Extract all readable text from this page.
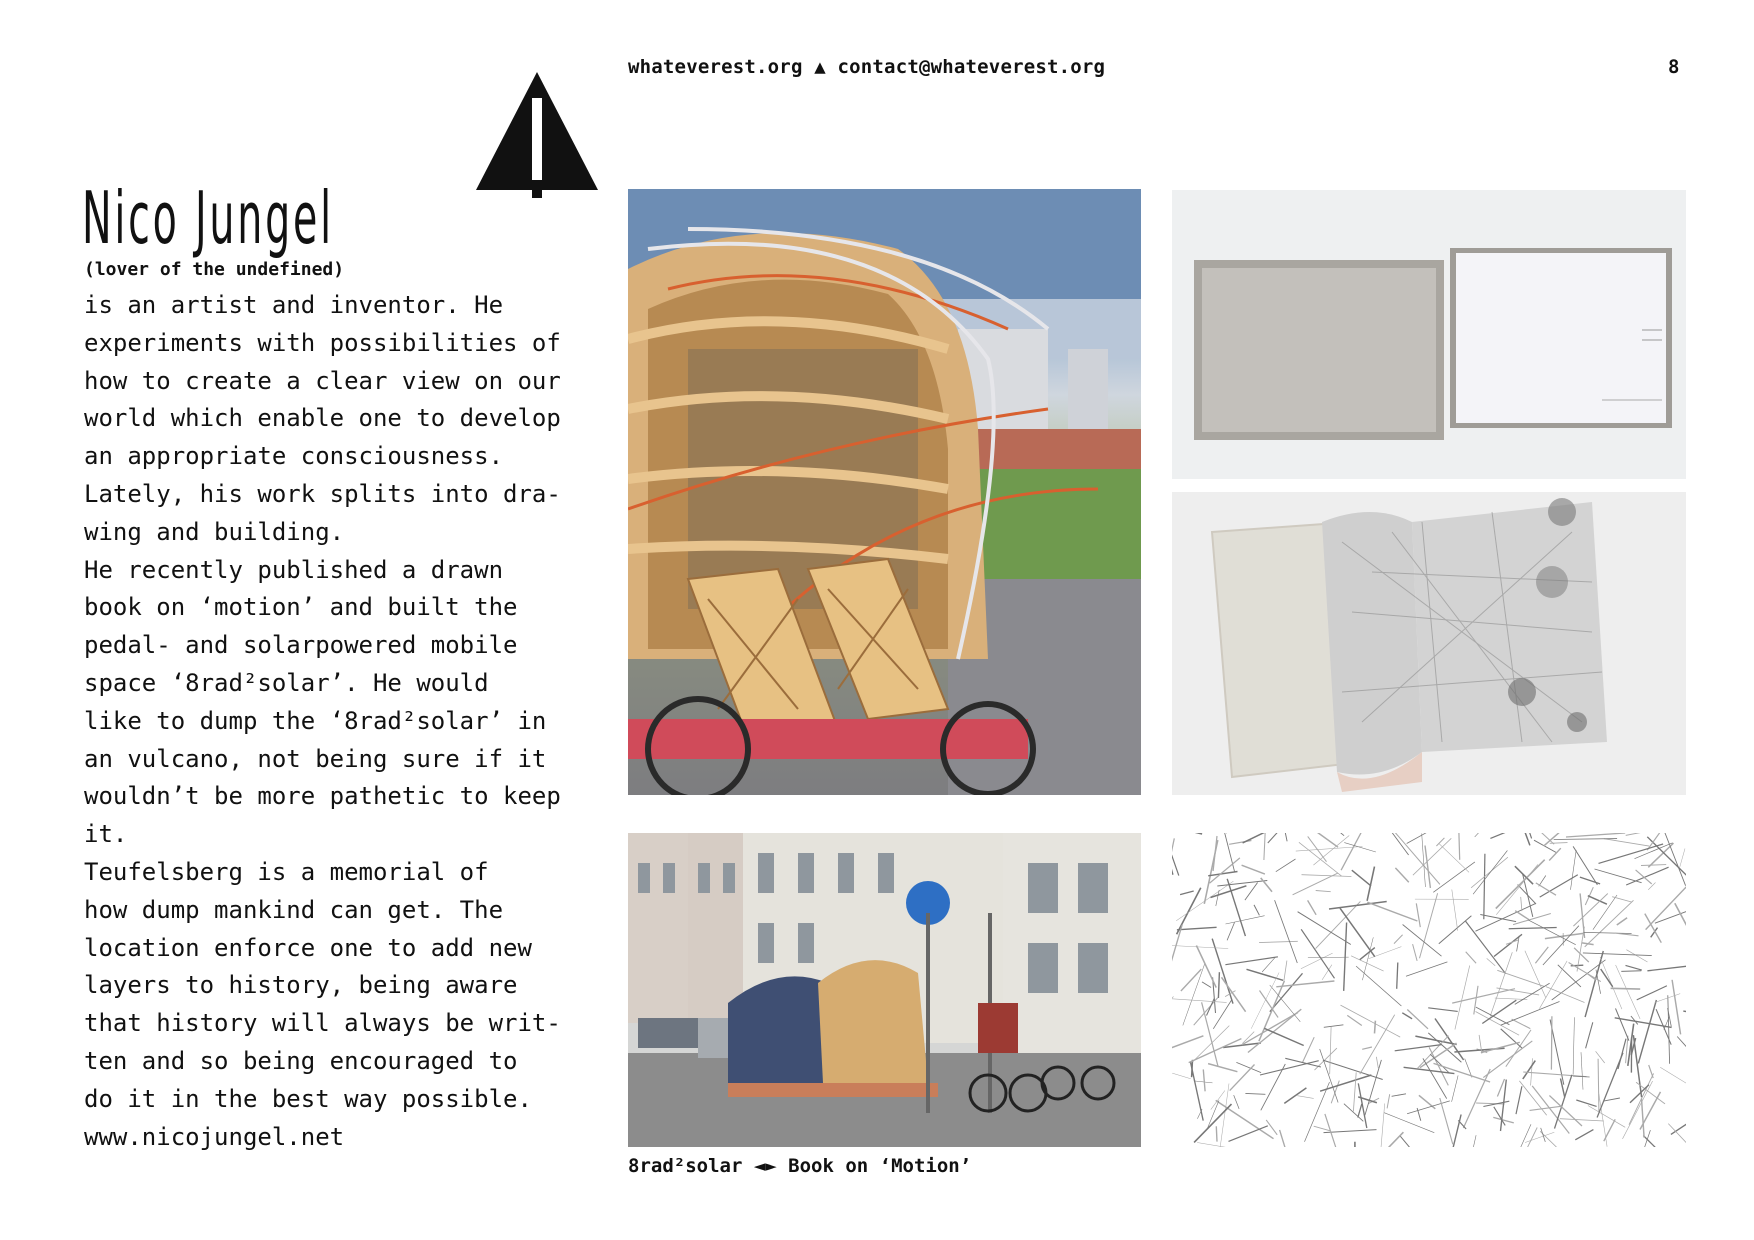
whateverest.org ▲ contact@whateverest.org	8
Nico Jungel
(lover of the undefined)
is an artist and inventor. He
experiments with possibilities of
how to create a clear view on our
world which enable one to develop
an appropriate consciousness.
Lately, his work splits into dra-
wing and building.
He recently published a drawn
book on ‘motion’ and built the
pedal- and solarpowered mobile
space ‘8rad²solar’. He would
like to dump the ‘8rad²solar’ in
an vulcano, not being sure if it
wouldn’t be more pathetic to keep
it.
Teufelsberg is a memorial of
how dump mankind can get. The
location enforce one to add new
layers to history, being aware
that history will always be writ-
ten and so being encouraged to
do it in the best way possible.
www.nicojungel.net
8rad²solar ◄► Book on ‘Motion’
